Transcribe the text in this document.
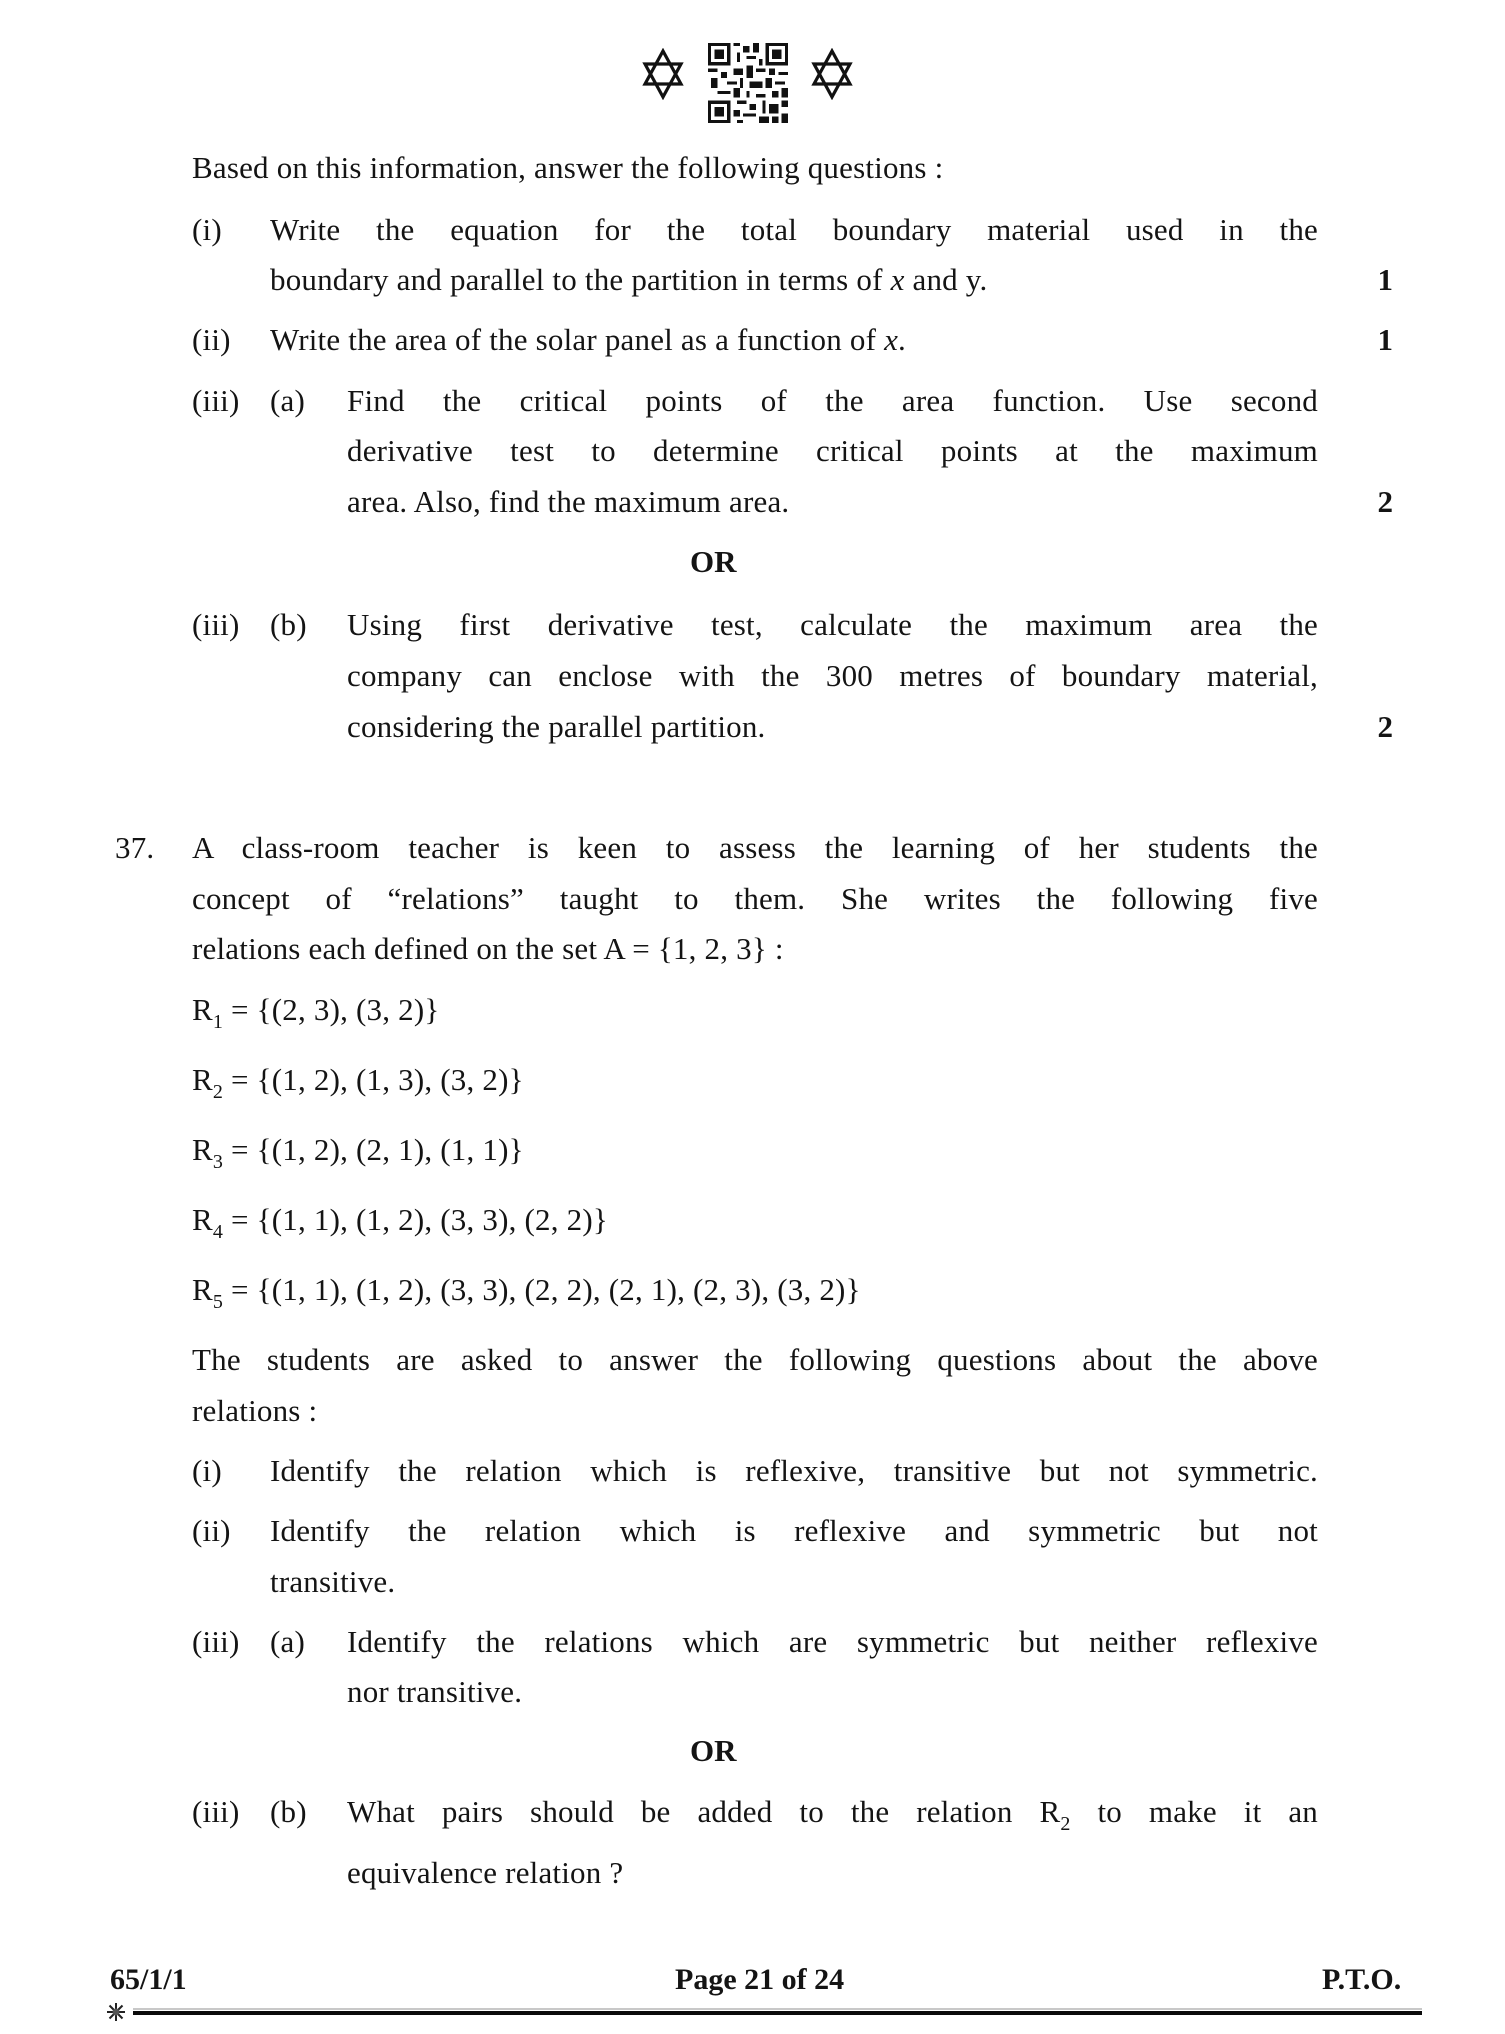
Based on this information, answer the following questions :
(i) Write the equation for the total boundary material used in the
boundary and parallel to the partition in terms of x and y.	1
(ii) Write the area of the solar panel as a function of x.	1
(iii) (a) Find the critical points of the area function. Use second
derivative test to determine critical points at the maximum
area. Also, find the maximum area.	2
OR
(iii) (b) Using first derivative test, calculate the maximum area the
company can enclose with the 300 metres of boundary material,
considering the parallel partition.	2
37. A class-room teacher is keen to assess the learning of her students the
concept of “relations” taught to them. She writes the following five
relations each defined on the set A = {1, 2, 3} :
$R_1 = \{(2$, 3), (3, 2)}
$R_2 = \{(1$, 2), (1, 3), (3, 2)}
$R_3 = \{(1$, 2), (2, 1), (1, 1)}
$R_4 = \{(1$, 1), (1, 2), (3, 3), (2, 2)}
$R_5 = \{(1$, 1), (1, 2), (3, 3), (2, 2), (2, 1), (2, 3), (3, 2)}
The students are asked to answer the following questions about the above
relations :
(i) Identify the relation which is reflexive, transitive but not symmetric.
(ii) Identify the relation which is reflexive and symmetric but not
transitive.
(iii) (a) Identify the relations which are symmetric but neither reflexive
nor transitive.
OR
(iii) (b) What pairs should be added to the relation $R_2$ to make it an
equivalence relation ?
65/1/1	Page 21 of 24	P.T.O.
